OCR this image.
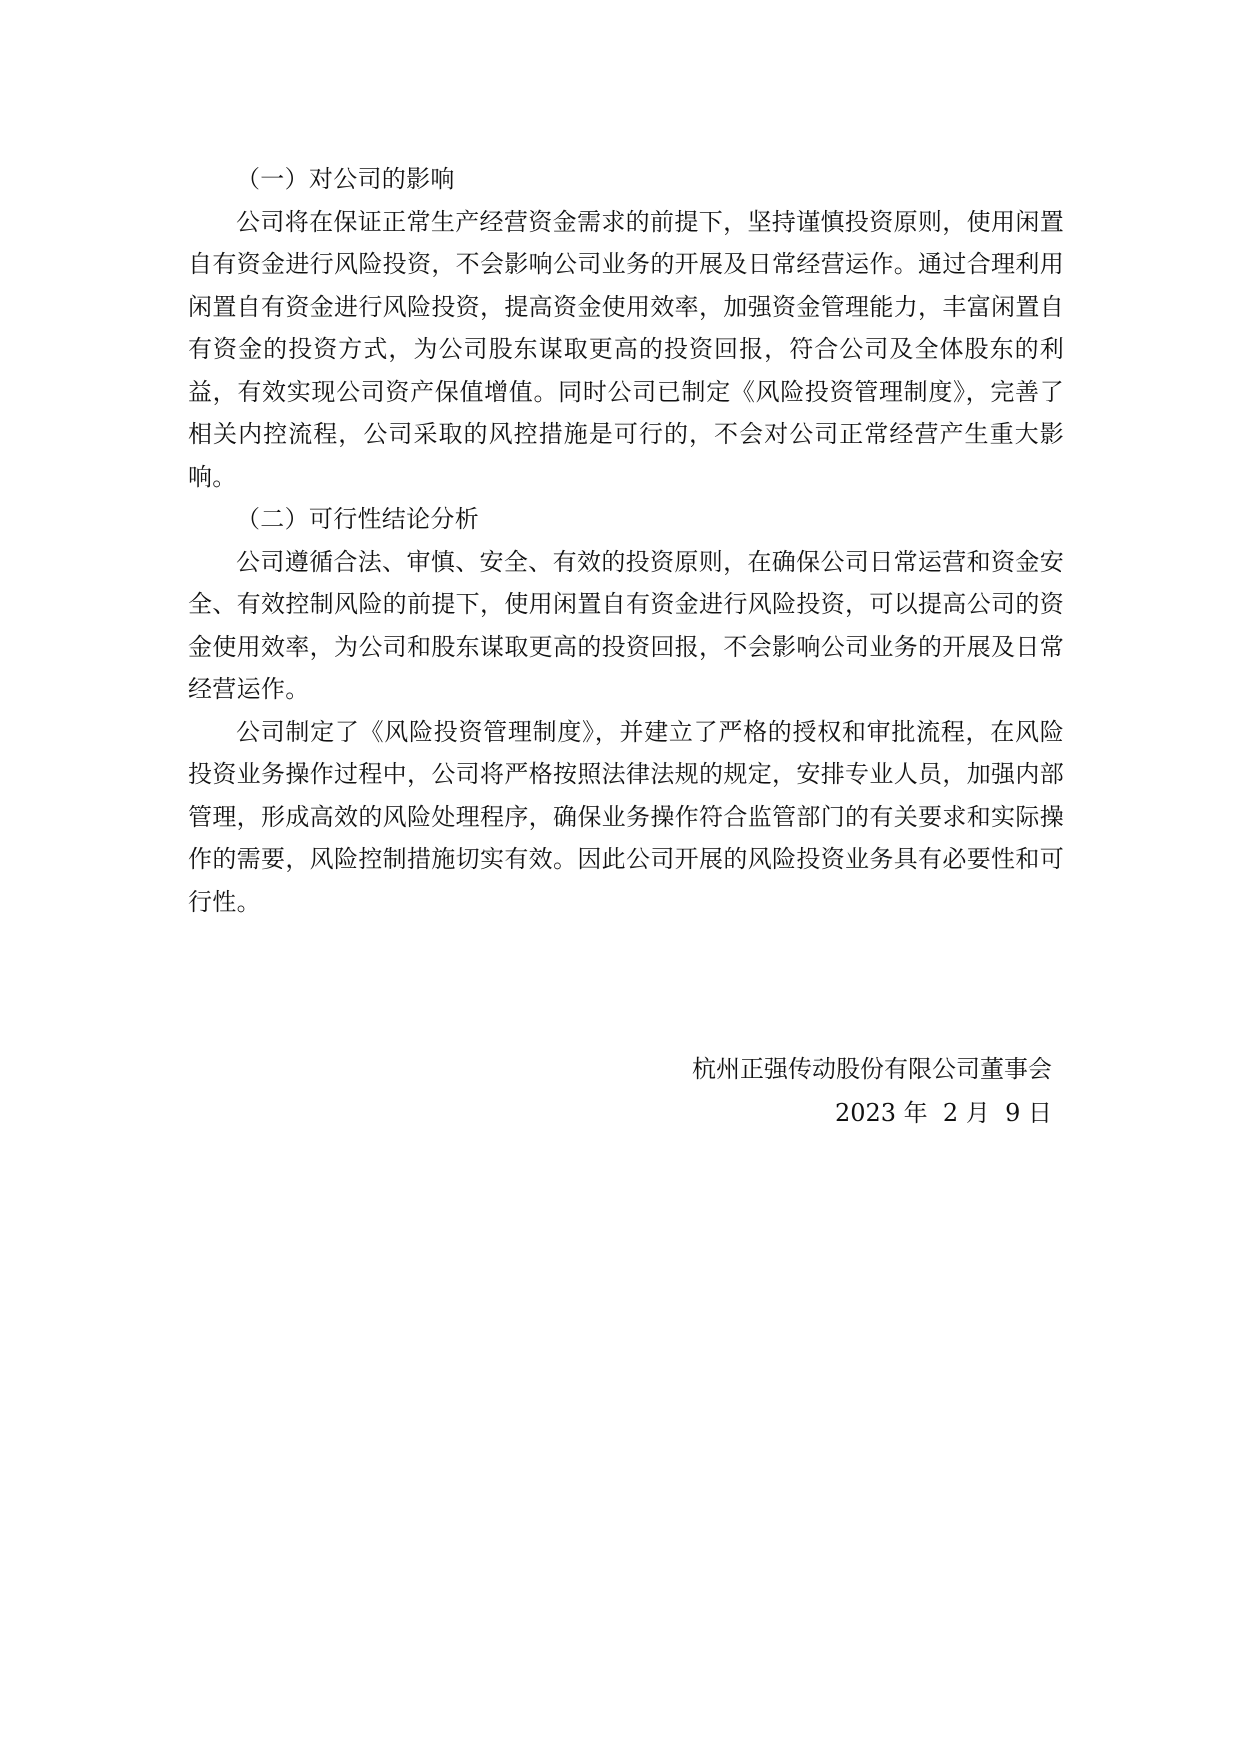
（一）对公司的影响

公司将在保证正常生产经营资金需求的前提下，坚持谨慎投资原则，使用闲置自有资金进行风险投资，不会影响公司业务的开展及日常经营运作。通过合理利用闲置自有资金进行风险投资，提高资金使用效率，加强资金管理能力，丰富闲置自有资金的投资方式，为公司股东谋取更高的投资回报，符合公司及全体股东的利益，有效实现公司资产保值增值。同时公司已制定《风险投资管理制度》，完善了相关内控流程，公司采取的风控措施是可行的，不会对公司正常经营产生重大影响。

（二）可行性结论分析

公司遵循合法、审慎、安全、有效的投资原则，在确保公司日常运营和资金安全、有效控制风险的前提下，使用闲置自有资金进行风险投资，可以提高公司的资金使用效率，为公司和股东谋取更高的投资回报，不会影响公司业务的开展及日常经营运作。

公司制定了《风险投资管理制度》，并建立了严格的授权和审批流程，在风险投资业务操作过程中，公司将严格按照法律法规的规定，安排专业人员，加强内部管理，形成高效的风险处理程序，确保业务操作符合监管部门的有关要求和实际操作的需要，风险控制措施切实有效。因此公司开展的风险投资业务具有必要性和可行性。

杭州正强传动股份有限公司董事会
2023 年  2 月  9 日
